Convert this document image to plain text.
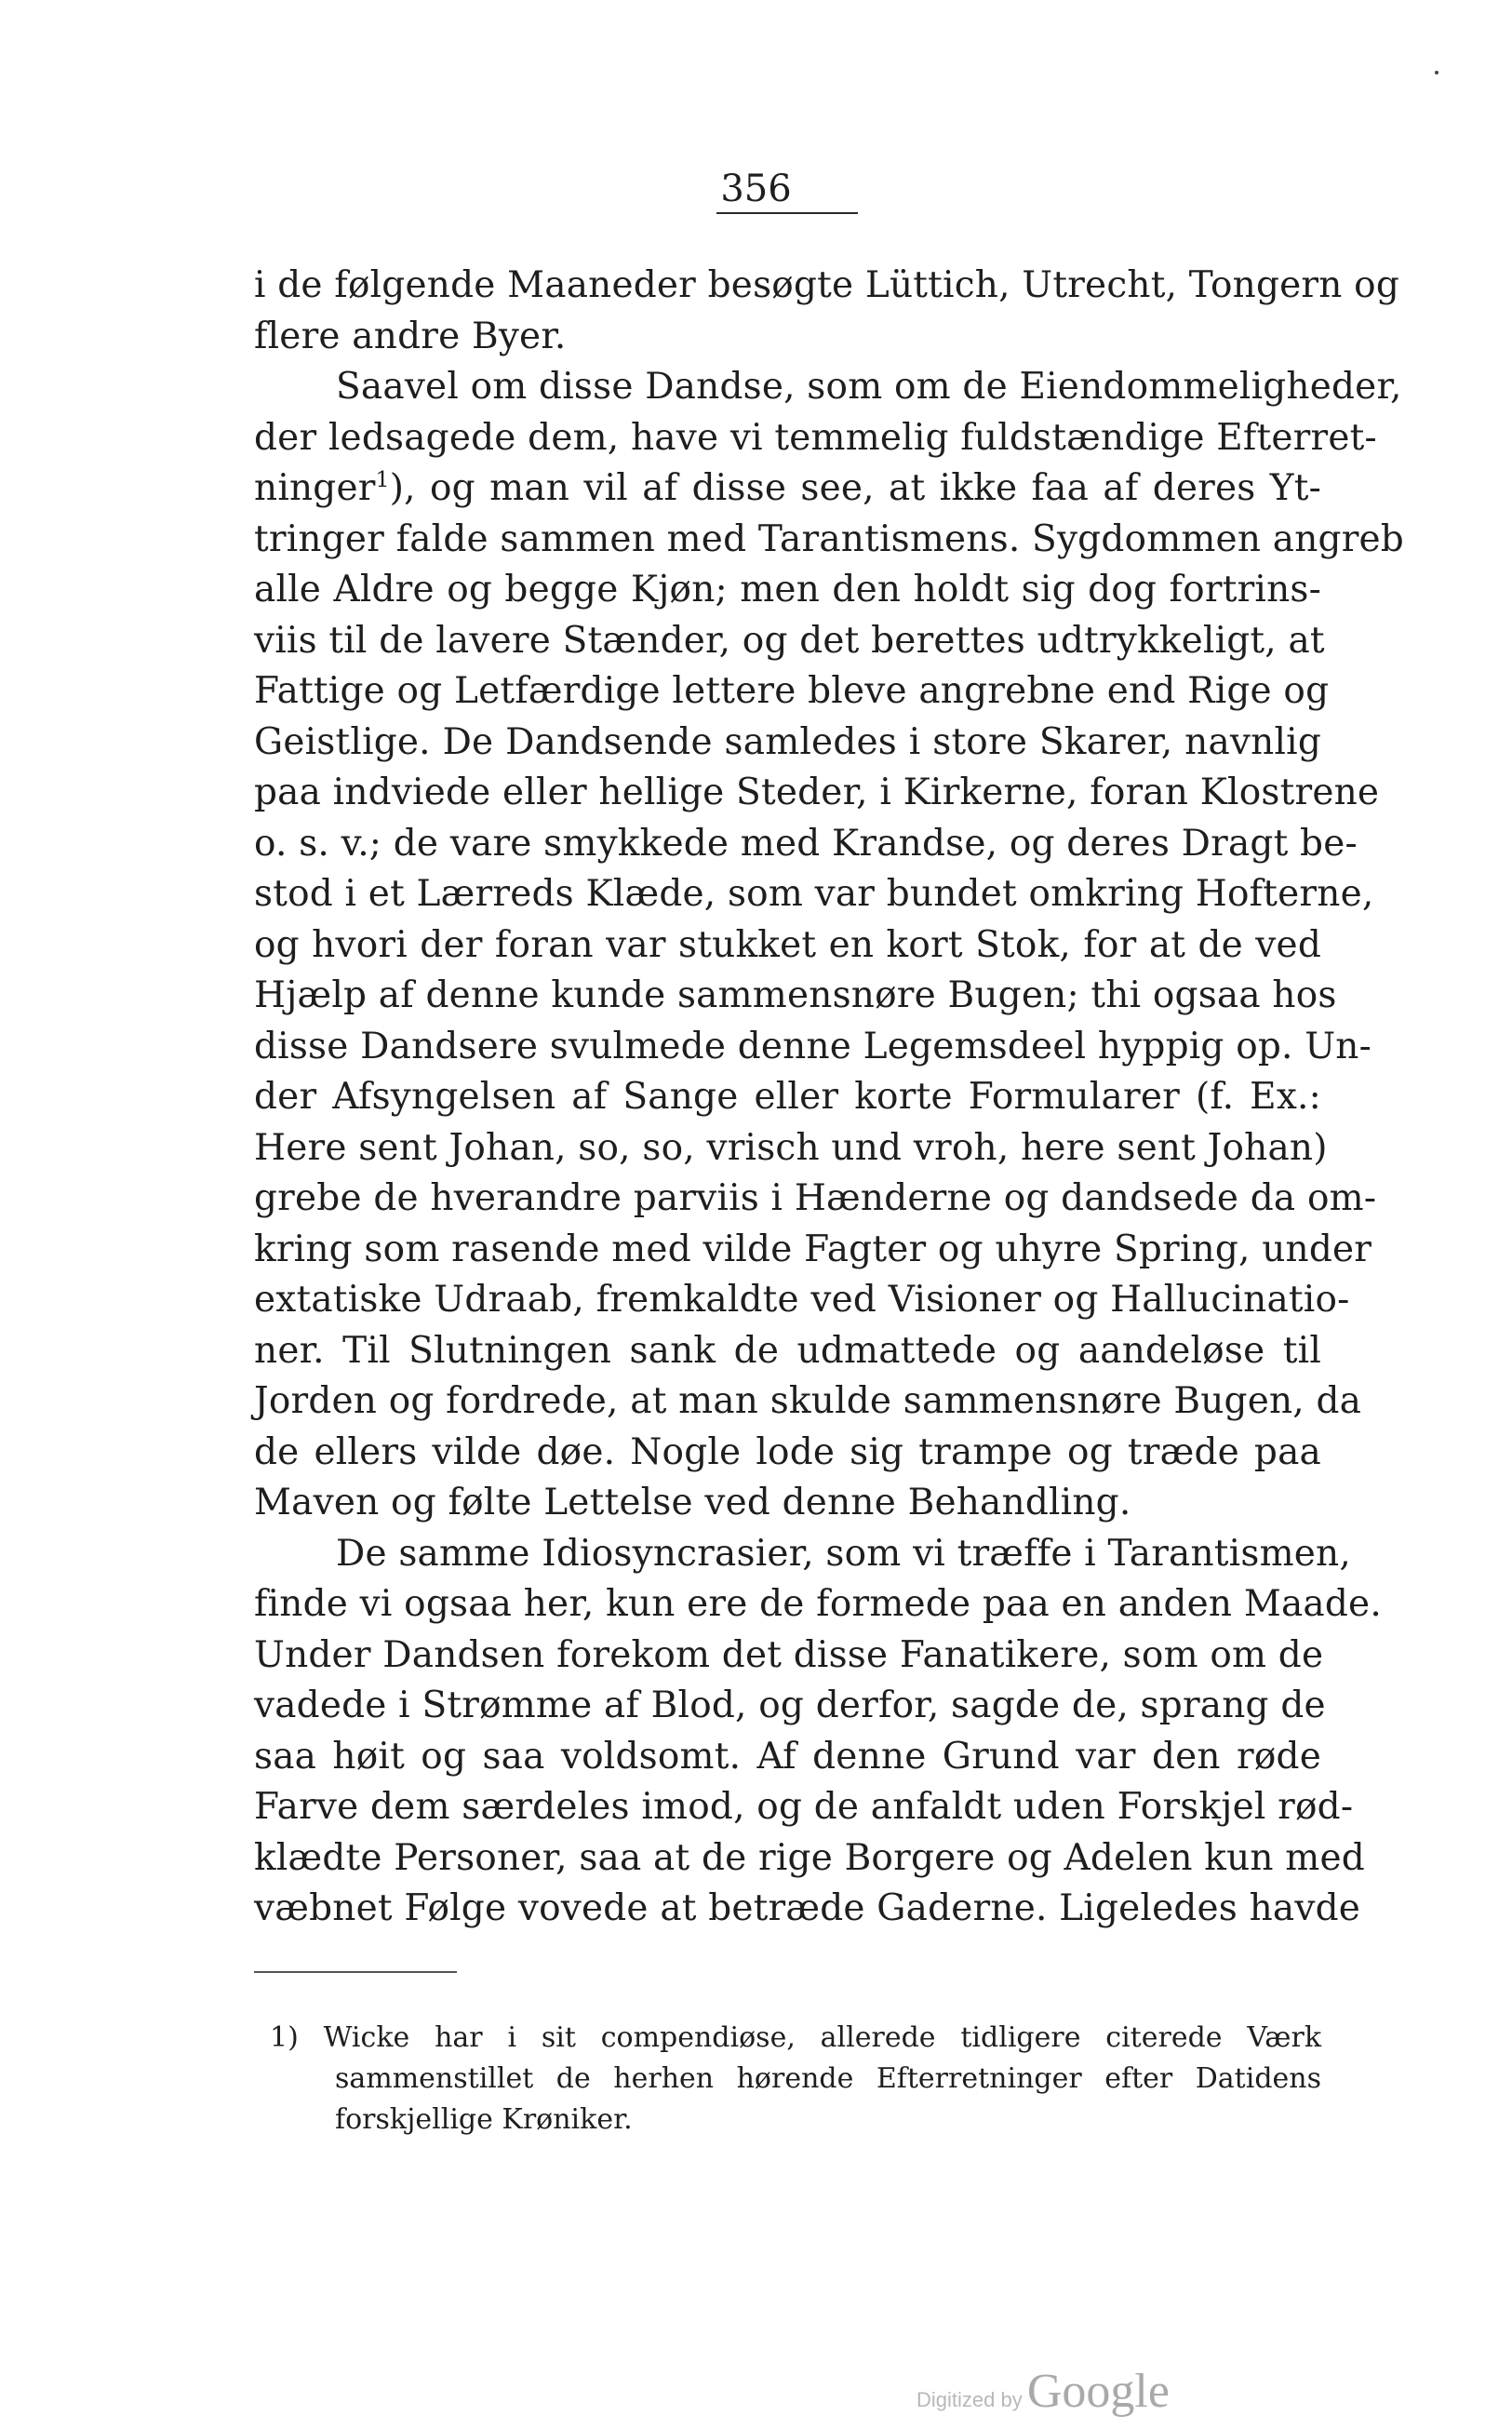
356
i de følgende Maaneder besøgte Lüttich, Utrecht, Tongern og
flere andre Byer.
Saavel om disse Dandse, som om de Eiendommeligheder,
der ledsagede dem, have vi temmelig fuldstændige Efterret-
ninger$^1$), og man vil af disse see, at ikke faa af deres Yt-
tringer falde sammen med Tarantismens. Sygdommen angreb
alle Aldre og begge Kjøn; men den holdt sig dog fortrins-
viis til de lavere Stænder, og det berettes udtrykkeligt, at
Fattige og Letfærdige lettere bleve angrebne end Rige og
Geistlige. De Dandsende samledes i store Skarer, navnlig
paa indviede eller hellige Steder, i Kirkerne, foran Klostrene
o. s. v.; de vare smykkede med Krandse, og deres Dragt be-
stod i et Lærreds Klæde, som var bundet omkring Hofterne,
og hvori der foran var stukket en kort Stok, for at de ved
Hjælp af denne kunde sammensnøre Bugen; thi ogsaa hos
disse Dandsere svulmede denne Legemsdeel hyppig op. Un-
der Afsyngelsen af Sange eller korte Formularer (f. Ex.:
Here sent Johan, so, so, vrisch und vroh, here sent Johan)
grebe de hverandre parviis i Hænderne og dandsede da om-
kring som rasende med vilde Fagter og uhyre Spring, under
extatiske Udraab, fremkaldte ved Visioner og Hallucinatio-
ner. Til Slutningen sank de udmattede og aandeløse til
Jorden og fordrede, at man skulde sammensnøre Bugen, da
de ellers vilde døe. Nogle lode sig trampe og træde paa
Maven og følte Lettelse ved denne Behandling.
De samme Idiosyncrasier, som vi træffe i Tarantismen,
finde vi ogsaa her, kun ere de formede paa en anden Maade.
Under Dandsen forekom det disse Fanatikere, som om de
vadede i Strømme af Blod, og derfor, sagde de, sprang de
saa høit og saa voldsomt. Af denne Grund var den røde
Farve dem særdeles imod, og de anfaldt uden Forskjel rød-
klædte Personer, saa at de rige Borgere og Adelen kun med
væbnet Følge vovede at betræde Gaderne. Ligeledes havde
1) Wicke har i sit compendiøse, allerede tidligere citerede Værk
sammenstillet de herhen hørende Efterretninger efter Datidens
forskjellige Krøniker.
Digitized by Google
